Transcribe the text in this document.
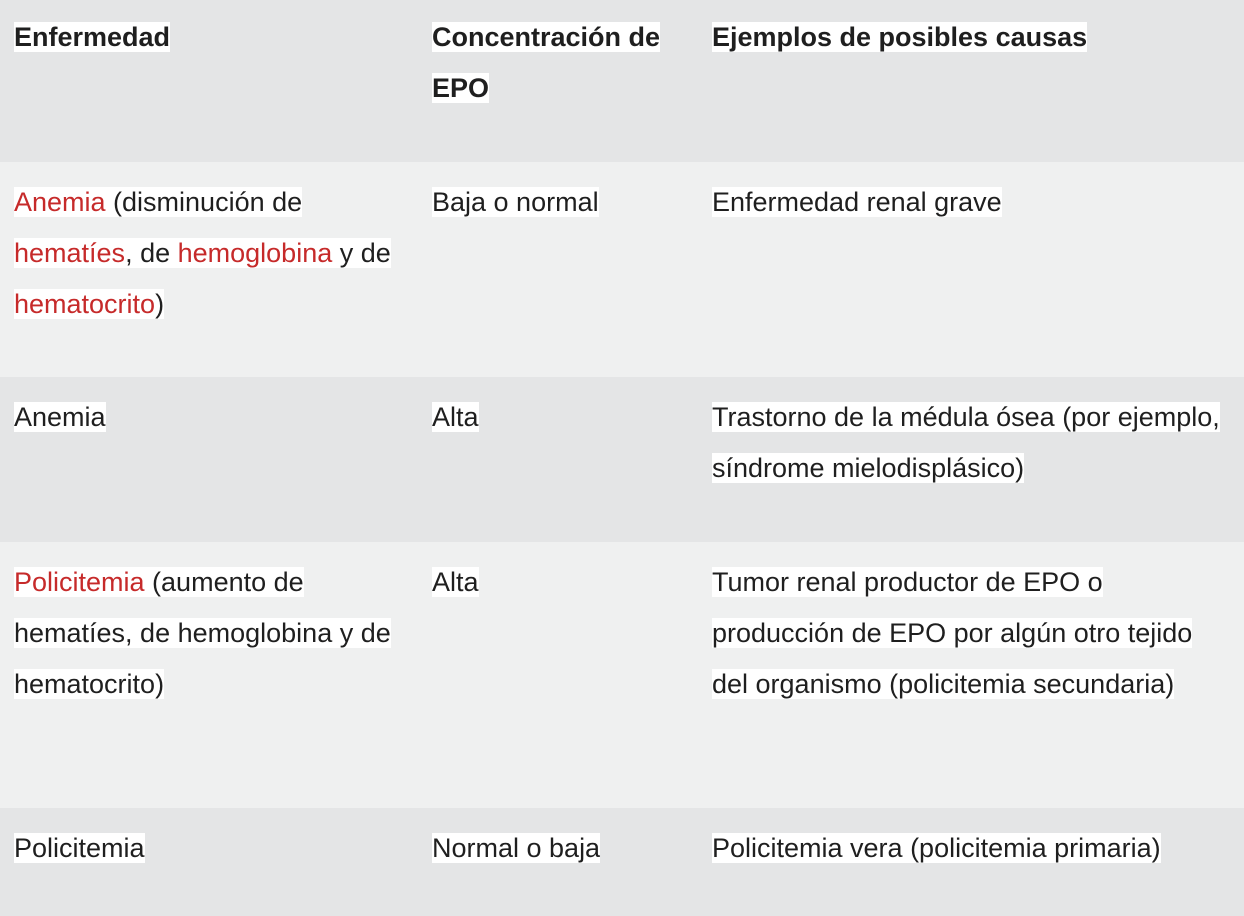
Enfermedad	Concentración de EPO	Ejemplos de posibles causas
Anemia (disminución de hematíes, de hemoglobina y de hematocrito)	Baja o normal	Enfermedad renal grave
Anemia	Alta	Trastorno de la médula ósea (por ejemplo, síndrome mielodisplásico)
Policitemia (aumento de hematíes, de hemoglobina y de hematocrito)	Alta	Tumor renal productor de EPO o producción de EPO por algún otro tejido del organismo (policitemia secundaria)
Policitemia	Normal o baja	Policitemia vera (policitemia primaria)
